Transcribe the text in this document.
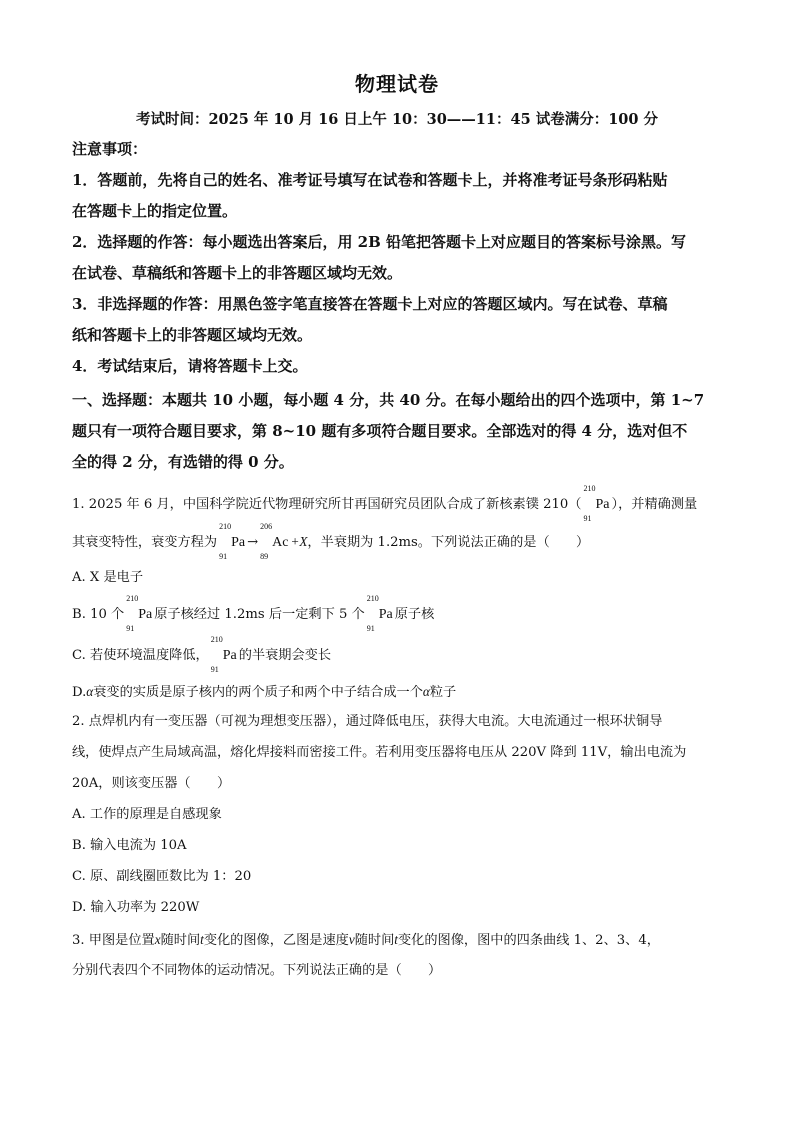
物理试卷
考试时间：2025 年 10 月 16 日上午 10：30——11：45 试卷满分：100 分
注意事项：
1．答题前，先将自己的姓名、准考证号填写在试卷和答题卡上，并将准考证号条形码粘贴
在答题卡上的指定位置。
2．选择题的作答：每小题选出答案后，用 2B 铅笔把答题卡上对应题目的答案标号涂黑。写
在试卷、草稿纸和答题卡上的非答题区域均无效。
3．非选择题的作答：用黑色签字笔直接答在答题卡上对应的答题区域内。写在试卷、草稿
纸和答题卡上的非答题区域均无效。
4．考试结束后，请将答题卡上交。
一、选择题：本题共 10 小题，每小题 4 分，共 40 分。在每小题给出的四个选项中，第 1~7
题只有一项符合题目要求，第 8~10 题有多项符合题目要求。全部选对的得 4 分，选对但不
全的得 2 分，有选错的得 0 分。
1. 2025 年 6 月，中国科学院近代物理研究所甘再国研究员团队合成了新核素镤 210（
210
91
Pa ），并精确测量
其衰变特性，衰变方程为
210
91
Pa →
206
89
Ac +X，半衰期为 1.2ms。下列说法正确的是（　　）
A. X 是电子
B. 10 个
210
91
Pa 原子核经过 1.2ms 后一定剩下 5 个
210
91
Pa 原子核
C. 若使环境温度降低，
210
91
Pa 的半衰期会变长
D.α衰变的实质是原子核内的两个质子和两个中子结合成一个α粒子
2. 点焊机内有一变压器（可视为理想变压器），通过降低电压，获得大电流。大电流通过一根环状铜导
线，使焊点产生局域高温，熔化焊接料而密接工件。若利用变压器将电压从 220V 降到 11V，输出电流为
20A，则该变压器（　　）
A. 工作的原理是自感现象
B. 输入电流为 10A
C. 原、副线圈匝数比为 1：20
D. 输入功率为 220W
3. 甲图是位置x随时间t变化的图像，乙图是速度v随时间t变化的图像，图中的四条曲线 1、2、3、4，
分别代表四个不同物体的运动情况。下列说法正确的是（　　）
